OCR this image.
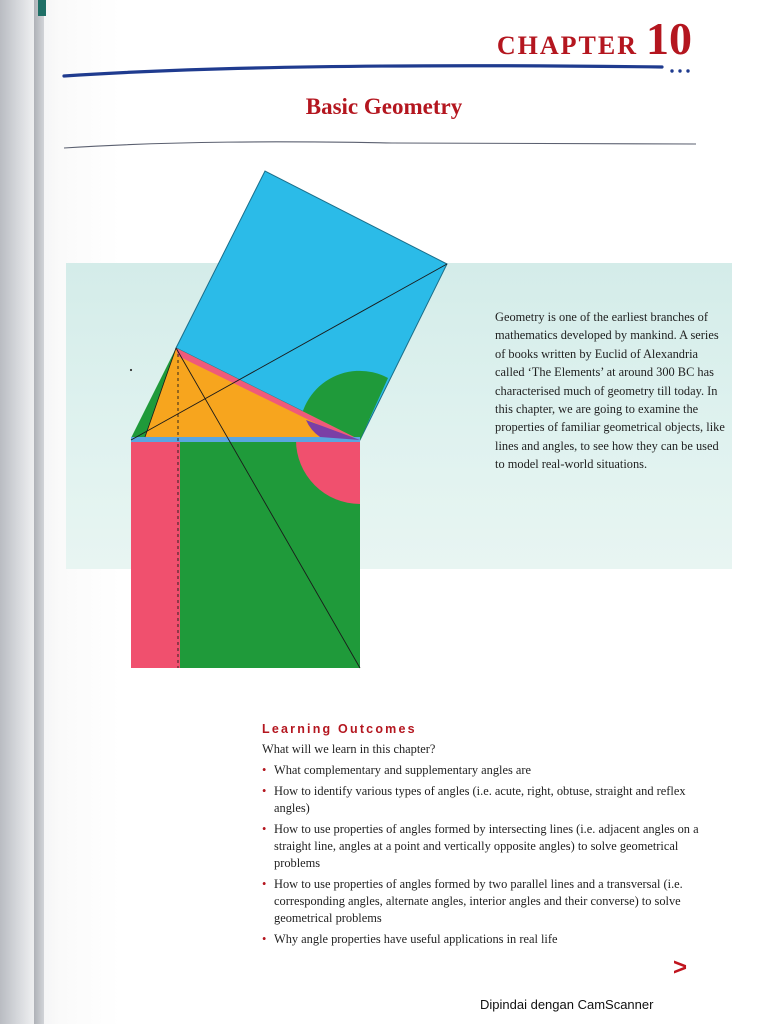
CHAPTER 10
Basic Geometry
Geometry is one of the earliest branches of mathematics developed by mankind. A series of books written by Euclid of Alexandria called ‘The Elements’ at around 300 BC has characterised much of geometry till today. In this chapter, we are going to examine the properties of familiar geometrical objects, like lines and angles, to see how they can be used to model real-world situations.
Learning Outcomes
What will we learn in this chapter?
• What complementary and supplementary angles are
• How to identify various types of angles (i.e. acute, right, obtuse, straight and reflex angles)
• How to use properties of angles formed by intersecting lines (i.e. adjacent angles on a straight line, angles at a point and vertically opposite angles) to solve geometrical problems
• How to use properties of angles formed by two parallel lines and a transversal (i.e. corresponding angles, alternate angles, interior angles and their converse) to solve geometrical problems
• Why angle properties have useful applications in real life
>
Dipindai dengan CamScanner
